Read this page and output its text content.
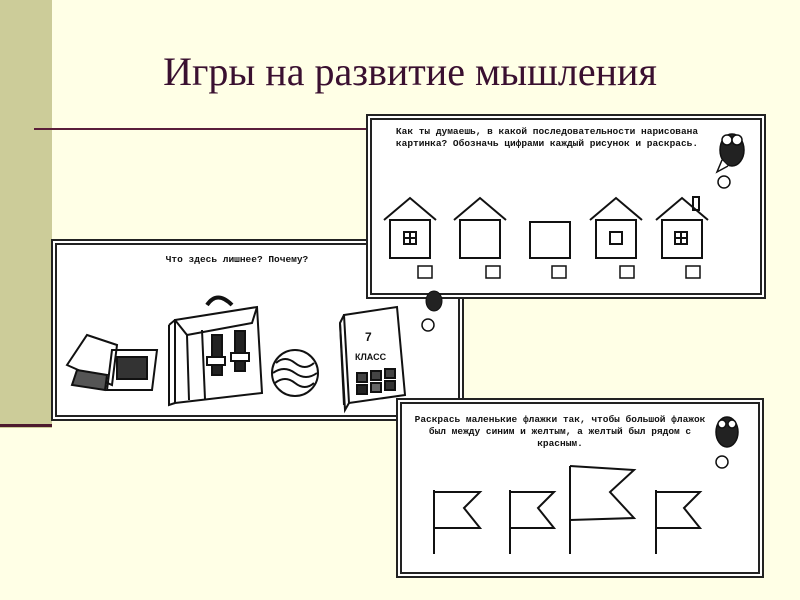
Игры на развитие мышления
Что здесь лишнее? Почему?
7
КЛАСС
Как ты думаешь, в какой последовательности нарисована картинка? Обозначь цифрами каждый рисунок и раскрась.
Раскрась маленькие флажки так, чтобы большой флажок был между синим и желтым, а желтый был рядом с красным.
